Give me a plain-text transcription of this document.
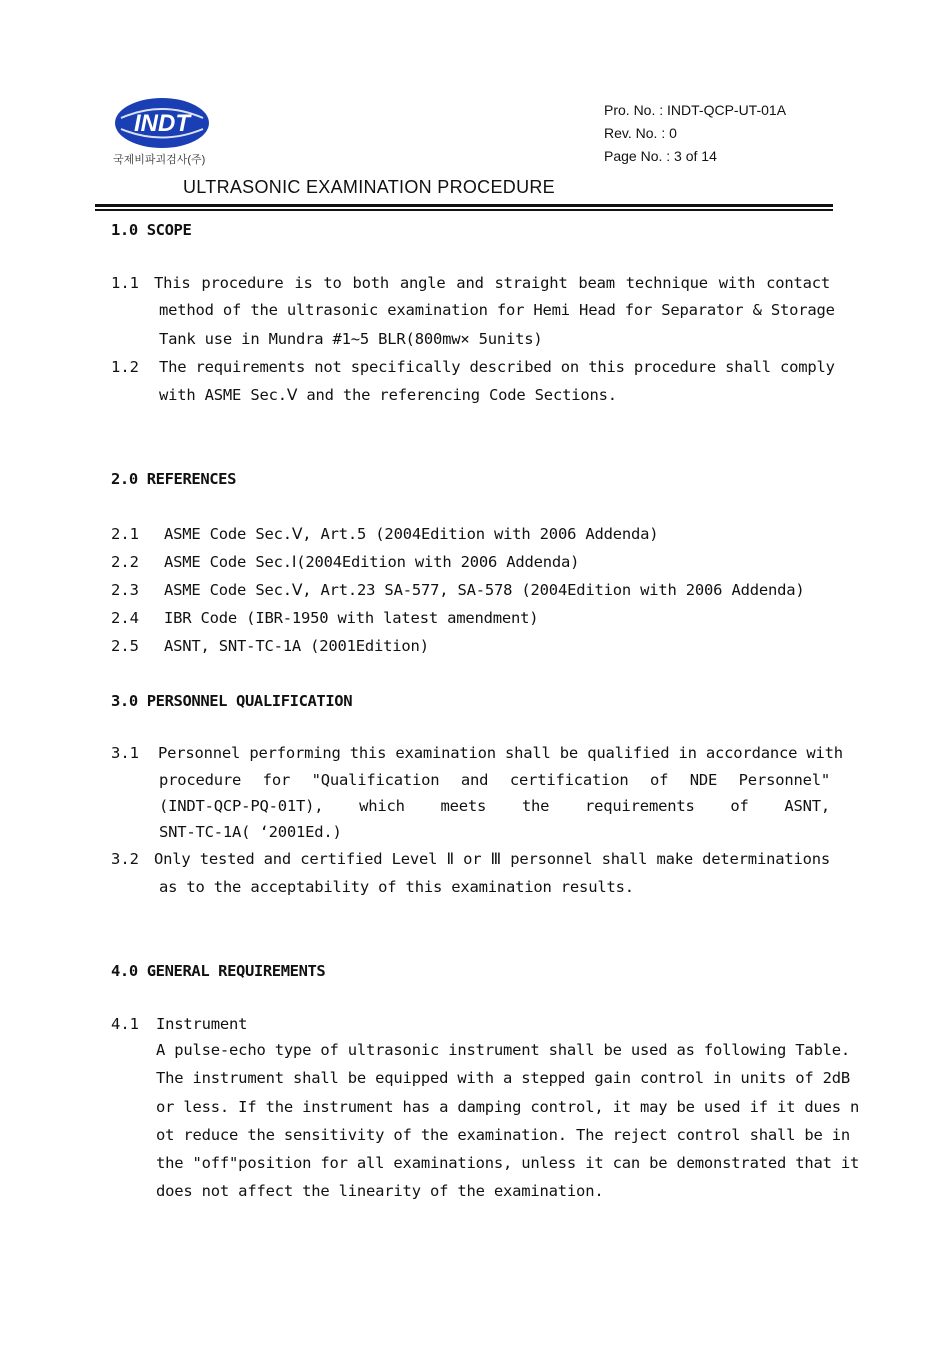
INDT
국제비파괴검사(주)
Pro. No. : INDT-QCP-UT-01A
Rev. No. : 0
Page No. : 3 of 14
ULTRASONIC EXAMINATION PROCEDURE
1.0 SCOPE
1.1 This procedure is to both angle and straight beam technique with contact
method of the ultrasonic examination for Hemi Head for Separator & Storage
Tank use in Mundra #1~5 BLR(800mw× 5units)
1.2 The requirements not specifically described on this procedure shall comply
with ASME Sec.Ⅴ and the referencing Code Sections.
2.0 REFERENCES
2.1 ASME Code Sec.Ⅴ, Art.5 (2004Edition with 2006 Addenda)
2.2 ASME Code Sec.Ⅰ(2004Edition with 2006 Addenda)
2.3 ASME Code Sec.Ⅴ, Art.23 SA-577, SA-578 (2004Edition with 2006 Addenda)
2.4 IBR Code (IBR-1950 with latest amendment)
2.5 ASNT, SNT-TC-1A (2001Edition)
3.0 PERSONNEL QUALIFICATION
3.1 Personnel performing this examination shall be qualified in accordance with
procedure for "Qualification and certification of NDE Personnel"
(INDT-QCP-PQ-01T), which meets the requirements of ASNT,
SNT-TC-1A( ‘2001Ed.)
3.2 Only tested and certified Level Ⅱ or Ⅲ personnel shall make determinations
as to the acceptability of this examination results.
4.0 GENERAL REQUIREMENTS
4.1 Instrument
A pulse-echo type of ultrasonic instrument shall be used as following Table.
The instrument shall be equipped with a stepped gain control in units of 2dB
or less. If the instrument has a damping control, it may be used if it dues n
ot reduce the sensitivity of the examination. The reject control shall be in
the "off"position for all examinations, unless it can be demonstrated that it
does not affect the linearity of the examination.
